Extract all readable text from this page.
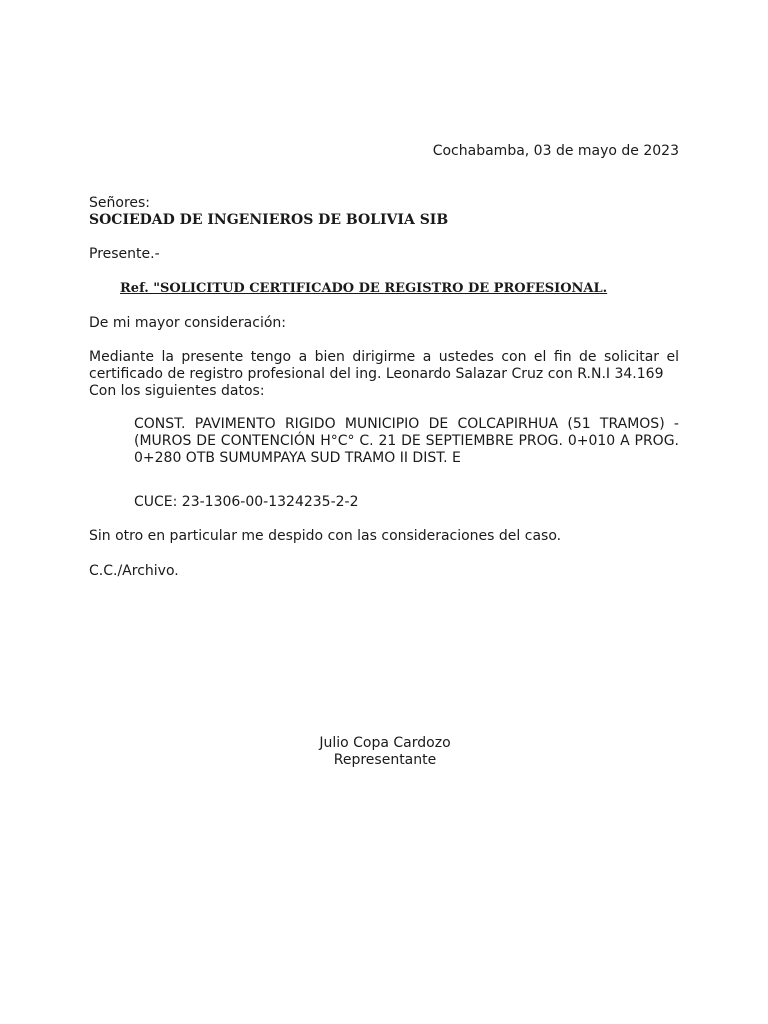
Cochabamba, 03 de mayo de 2023
Señores:
SOCIEDAD DE INGENIEROS DE BOLIVIA SIB
Presente.-
Ref. "SOLICITUD CERTIFICADO DE REGISTRO DE PROFESIONAL.
De mi mayor consideración:
Mediante la presente tengo a bien dirigirme a ustedes con el fin de solicitar el
certificado de registro profesional del ing. Leonardo Salazar Cruz con R.N.I 34.169
Con los siguientes datos:
CONST. PAVIMENTO RIGIDO MUNICIPIO DE COLCAPIRHUA (51 TRAMOS) -
(MUROS DE CONTENCIÓN H°C° C. 21 DE SEPTIEMBRE PROG. 0+010 A PROG.
0+280 OTB SUMUMPAYA SUD TRAMO II DIST. E
CUCE: 23-1306-00-1324235-2-2
Sin otro en particular me despido con las consideraciones del caso.
C.C./Archivo.
Julio Copa Cardozo
Representante
